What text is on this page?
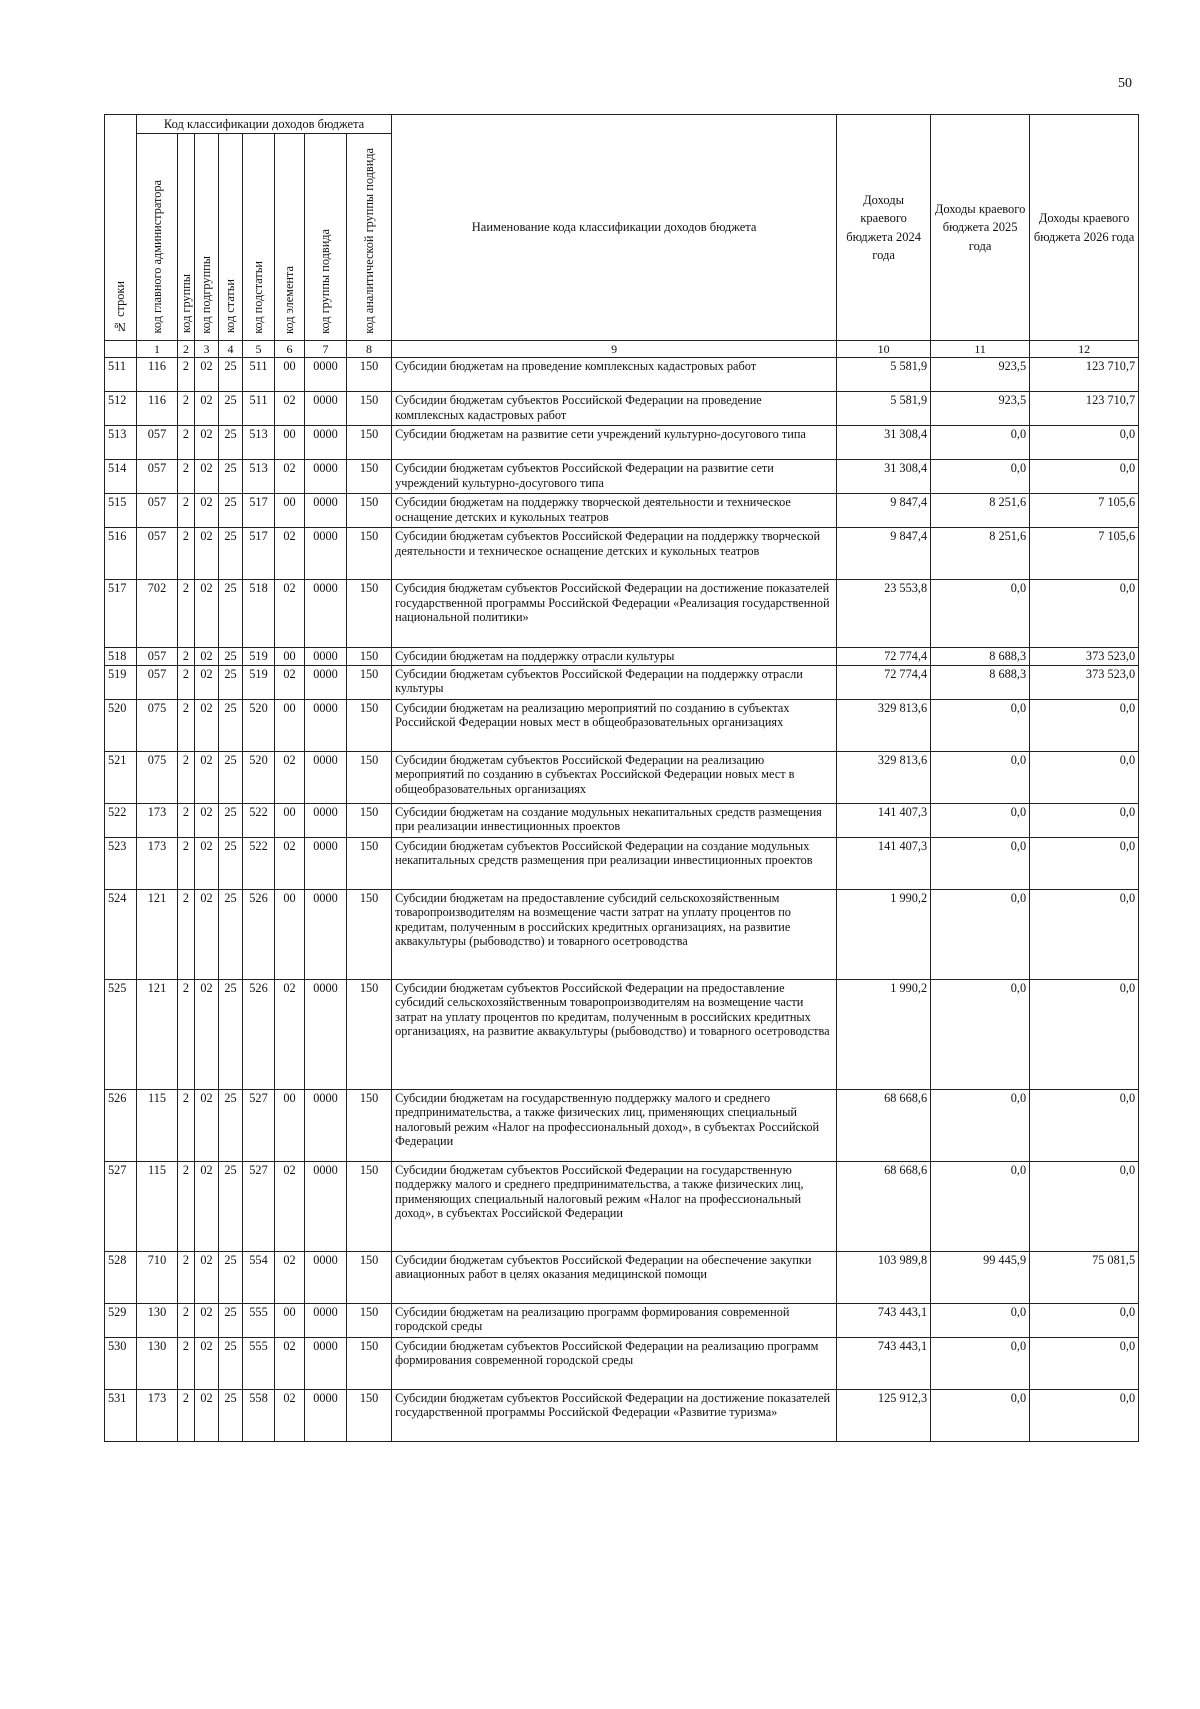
50
№ строки	Код классификации доходов бюджета								Наименование кода классификации доходов бюджета	Доходы краевого бюджета 2024 года	Доходы краевого бюджета 2025 года	Доходы краевого бюджета 2026 года
	код главного администратора	код группы	код подгруппы	код статьи	код подстатьи	код элемента	код группы подвида	код аналитической группы подвида				
	1	2	3	4	5	6	7	8	9	10	11	12
511	116	2	02	25	511	00	0000	150	Субсидии бюджетам на проведение комплексных кадастровых работ	5 581,9	923,5	123 710,7
512	116	2	02	25	511	02	0000	150	Субсидии бюджетам субъектов Российской Федерации на проведение комплексных кадастровых работ	5 581,9	923,5	123 710,7
513	057	2	02	25	513	00	0000	150	Субсидии бюджетам на развитие сети учреждений культурно-досугового типа	31 308,4	0,0	0,0
514	057	2	02	25	513	02	0000	150	Субсидии бюджетам субъектов Российской Федерации на развитие сети учреждений культурно-досугового типа	31 308,4	0,0	0,0
515	057	2	02	25	517	00	0000	150	Субсидии бюджетам на поддержку творческой деятельности и техническое оснащение детских и кукольных театров	9 847,4	8 251,6	7 105,6
516	057	2	02	25	517	02	0000	150	Субсидии бюджетам субъектов Российской Федерации на поддержку творческой деятельности и техническое оснащение детских и кукольных театров	9 847,4	8 251,6	7 105,6
517	702	2	02	25	518	02	0000	150	Субсидия бюджетам субъектов Российской Федерации на достижение показателей государственной программы Российской Федерации «Реализация государственной национальной политики»	23 553,8	0,0	0,0
518	057	2	02	25	519	00	0000	150	Субсидии бюджетам на поддержку отрасли культуры	72 774,4	8 688,3	373 523,0
519	057	2	02	25	519	02	0000	150	Субсидии бюджетам субъектов Российской Федерации на поддержку отрасли культуры	72 774,4	8 688,3	373 523,0
520	075	2	02	25	520	00	0000	150	Субсидии бюджетам на реализацию мероприятий по созданию в субъектах Российской Федерации новых мест в общеобразовательных организациях	329 813,6	0,0	0,0
521	075	2	02	25	520	02	0000	150	Субсидии бюджетам субъектов Российской Федерации на реализацию мероприятий по созданию в субъектах Российской Федерации новых мест в общеобразовательных организациях	329 813,6	0,0	0,0
522	173	2	02	25	522	00	0000	150	Субсидии бюджетам на создание модульных некапитальных средств размещения при реализации инвестиционных проектов	141 407,3	0,0	0,0
523	173	2	02	25	522	02	0000	150	Субсидии бюджетам субъектов Российской Федерации на создание модульных некапитальных средств размещения при реализации инвестиционных проектов	141 407,3	0,0	0,0
524	121	2	02	25	526	00	0000	150	Субсидии бюджетам на предоставление субсидий сельскохозяйственным товаропроизводителям на возмещение части затрат на уплату процентов по кредитам, полученным в российских кредитных организациях, на развитие аквакультуры (рыбоводство) и товарного осетроводства	1 990,2	0,0	0,0
525	121	2	02	25	526	02	0000	150	Субсидии бюджетам субъектов Российской Федерации на предоставление субсидий сельскохозяйственным товаропроизводителям на возмещение части затрат на уплату процентов по кредитам, полученным в российских кредитных организациях, на развитие аквакультуры (рыбоводство) и товарного осетроводства	1 990,2	0,0	0,0
526	115	2	02	25	527	00	0000	150	Субсидии бюджетам на государственную поддержку малого и среднего предпринимательства, а также физических лиц, применяющих специальный налоговый режим «Налог на профессиональный доход», в субъектах Российской Федерации	68 668,6	0,0	0,0
527	115	2	02	25	527	02	0000	150	Субсидии бюджетам субъектов Российской Федерации на государственную поддержку малого и среднего предпринимательства, а также физических лиц, применяющих специальный налоговый режим «Налог на профессиональный доход», в субъектах Российской Федерации	68 668,6	0,0	0,0
528	710	2	02	25	554	02	0000	150	Субсидии бюджетам субъектов Российской Федерации на обеспечение закупки авиационных работ в целях оказания медицинской помощи	103 989,8	99 445,9	75 081,5
529	130	2	02	25	555	00	0000	150	Субсидии бюджетам на реализацию программ формирования современной городской среды	743 443,1	0,0	0,0
530	130	2	02	25	555	02	0000	150	Субсидии бюджетам субъектов Российской Федерации на реализацию программ формирования современной городской среды	743 443,1	0,0	0,0
531	173	2	02	25	558	02	0000	150	Субсидии бюджетам субъектов Российской Федерации на достижение показателей государственной программы Российской Федерации «Развитие туризма»	125 912,3	0,0	0,0
